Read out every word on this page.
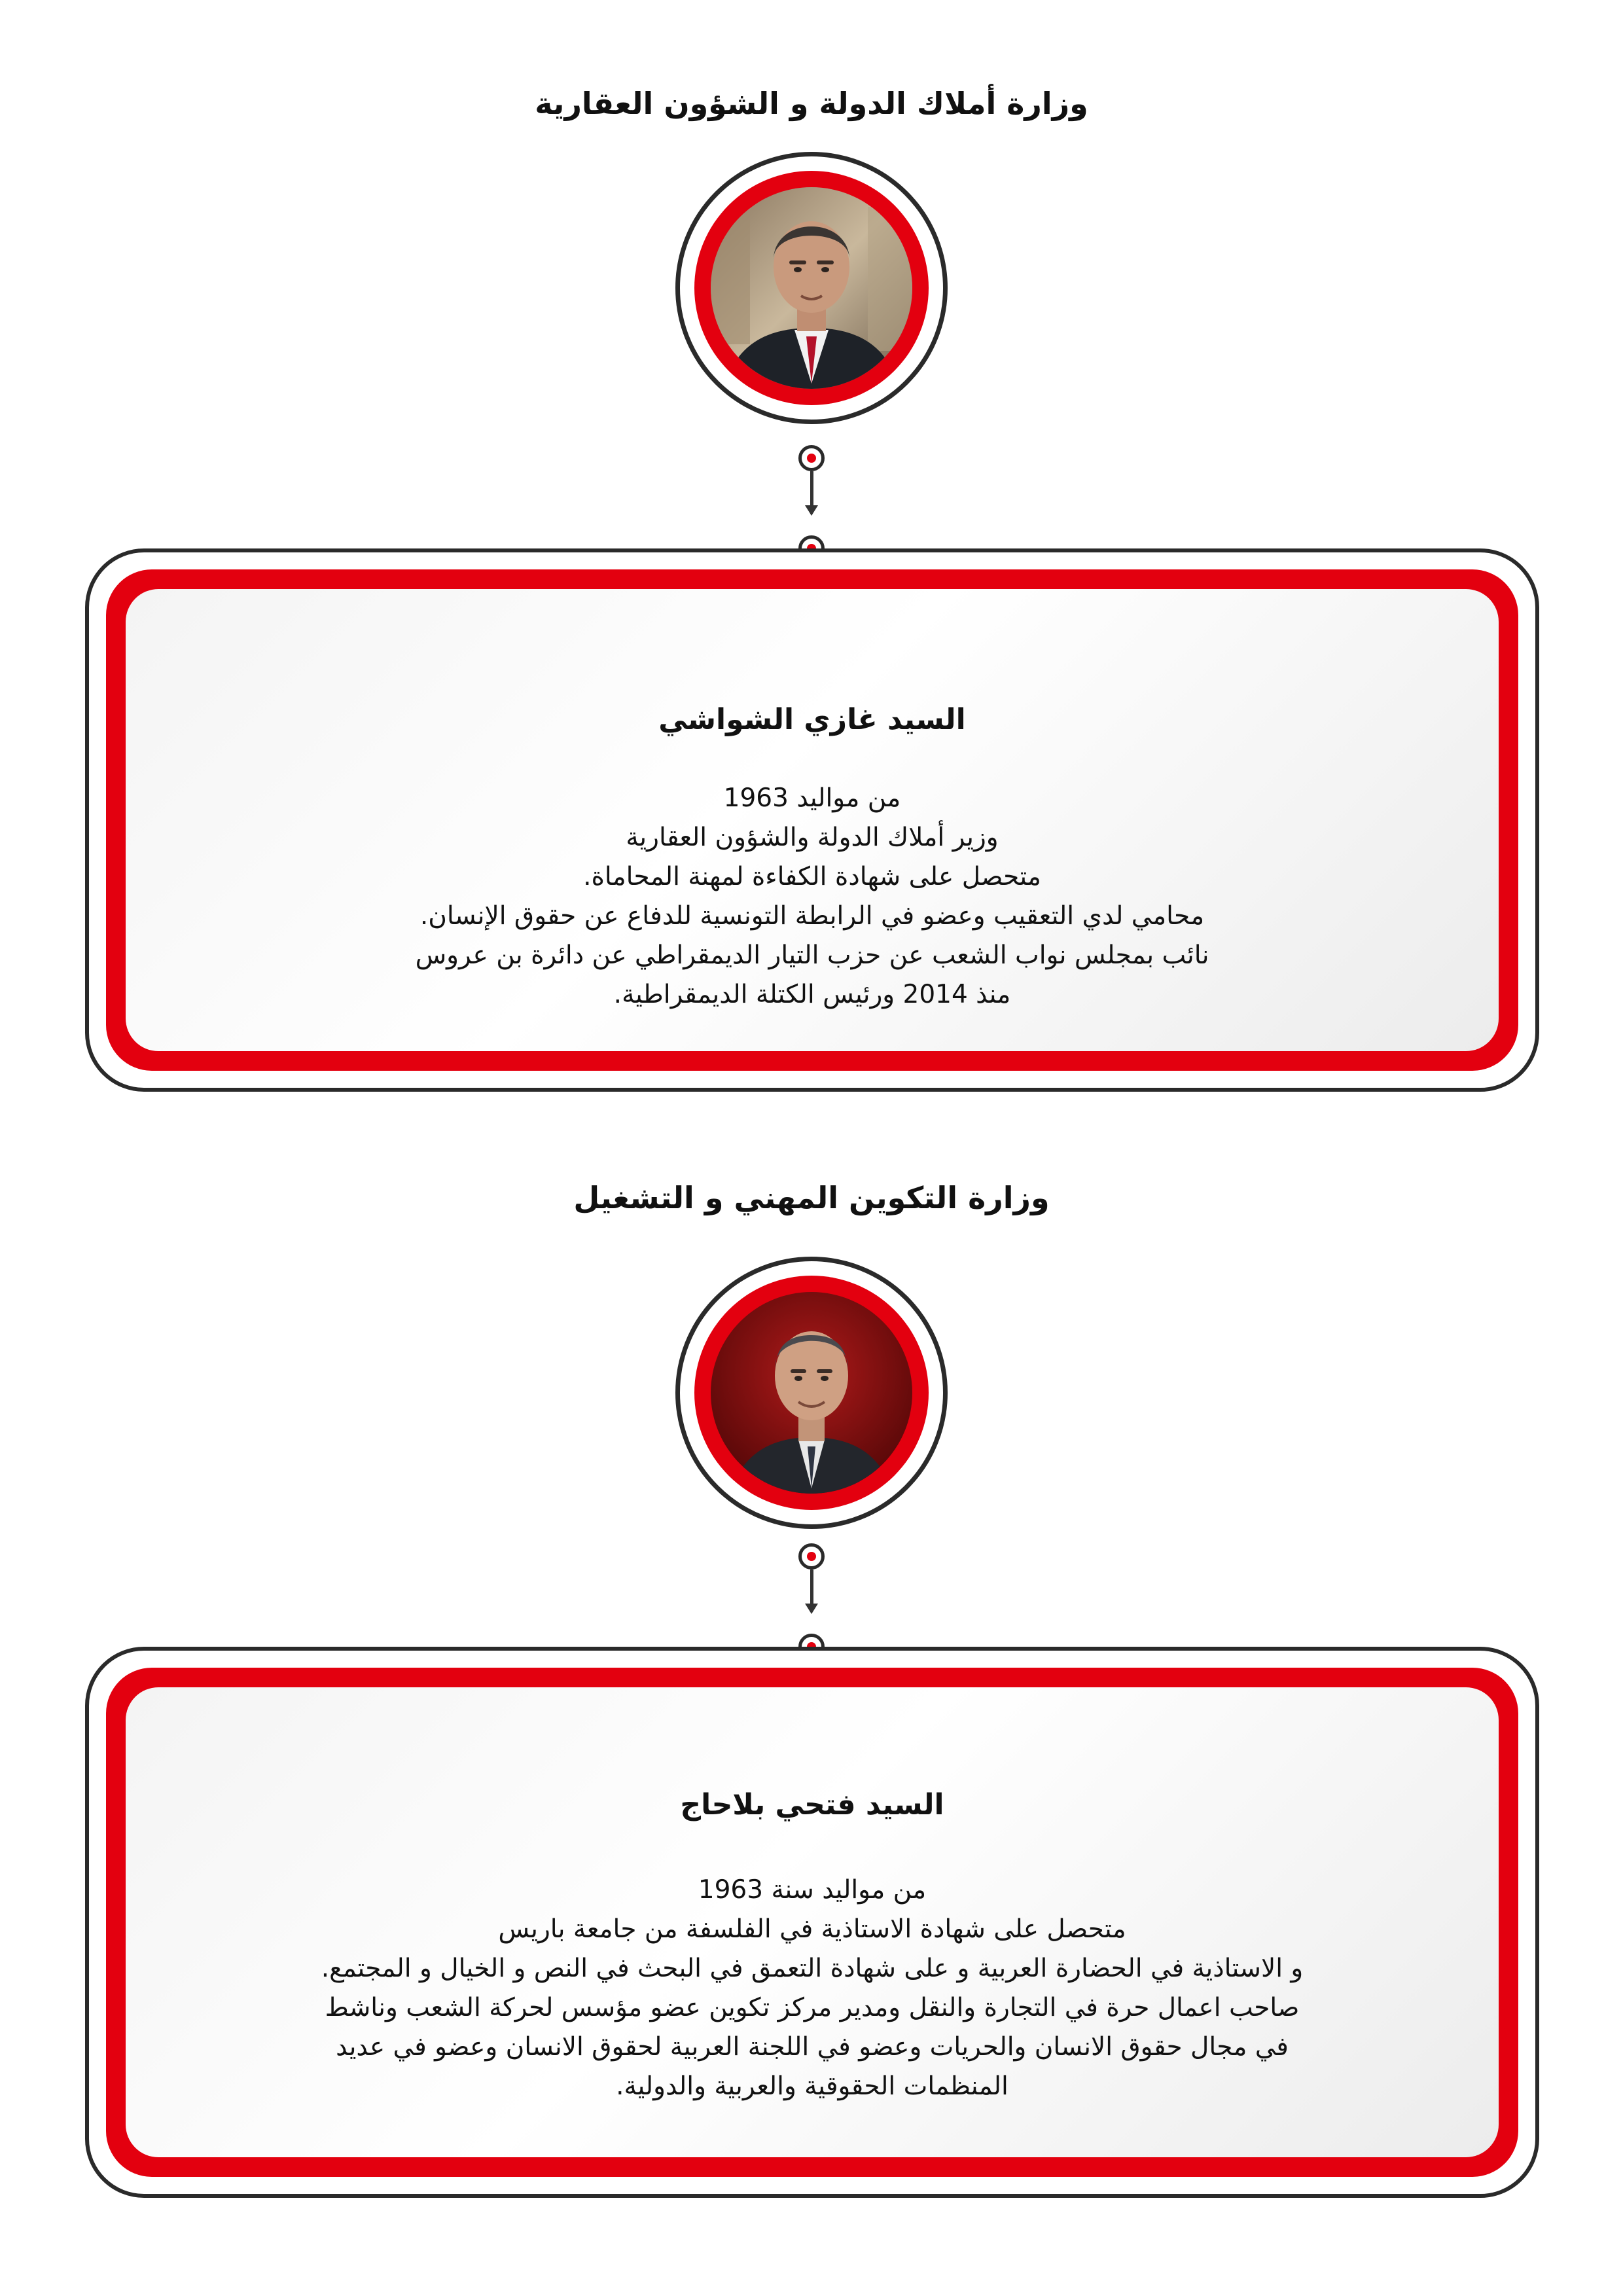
وزارة أملاك الدولة و الشؤون العقارية
السيد غازي الشواشي
من مواليد 1963
وزير أملاك الدولة والشؤون العقارية
متحصل على شهادة الكفاءة لمهنة المحاماة.
محامي لدي التعقيب وعضو في الرابطة التونسية للدفاع عن حقوق الإنسان.
نائب بمجلس نواب الشعب عن حزب التيار الديمقراطي عن دائرة بن عروس
منذ 2014 ورئيس الكتلة الديمقراطية.
وزارة التكوين المهني و التشغيل
السيد فتحي بلاحاج
من مواليد سنة 1963
متحصل على شهادة الاستاذية في الفلسفة من جامعة باريس
و الاستاذية في الحضارة العربية و على شهادة التعمق في البحث في النص و الخيال و المجتمع.
صاحب اعمال حرة في التجارة والنقل ومدير مركز تكوين عضو مؤسس لحركة الشعب وناشط
في مجال حقوق الانسان والحريات وعضو في اللجنة العربية لحقوق الانسان وعضو في عديد
المنظمات الحقوقية والعربية والدولية.
